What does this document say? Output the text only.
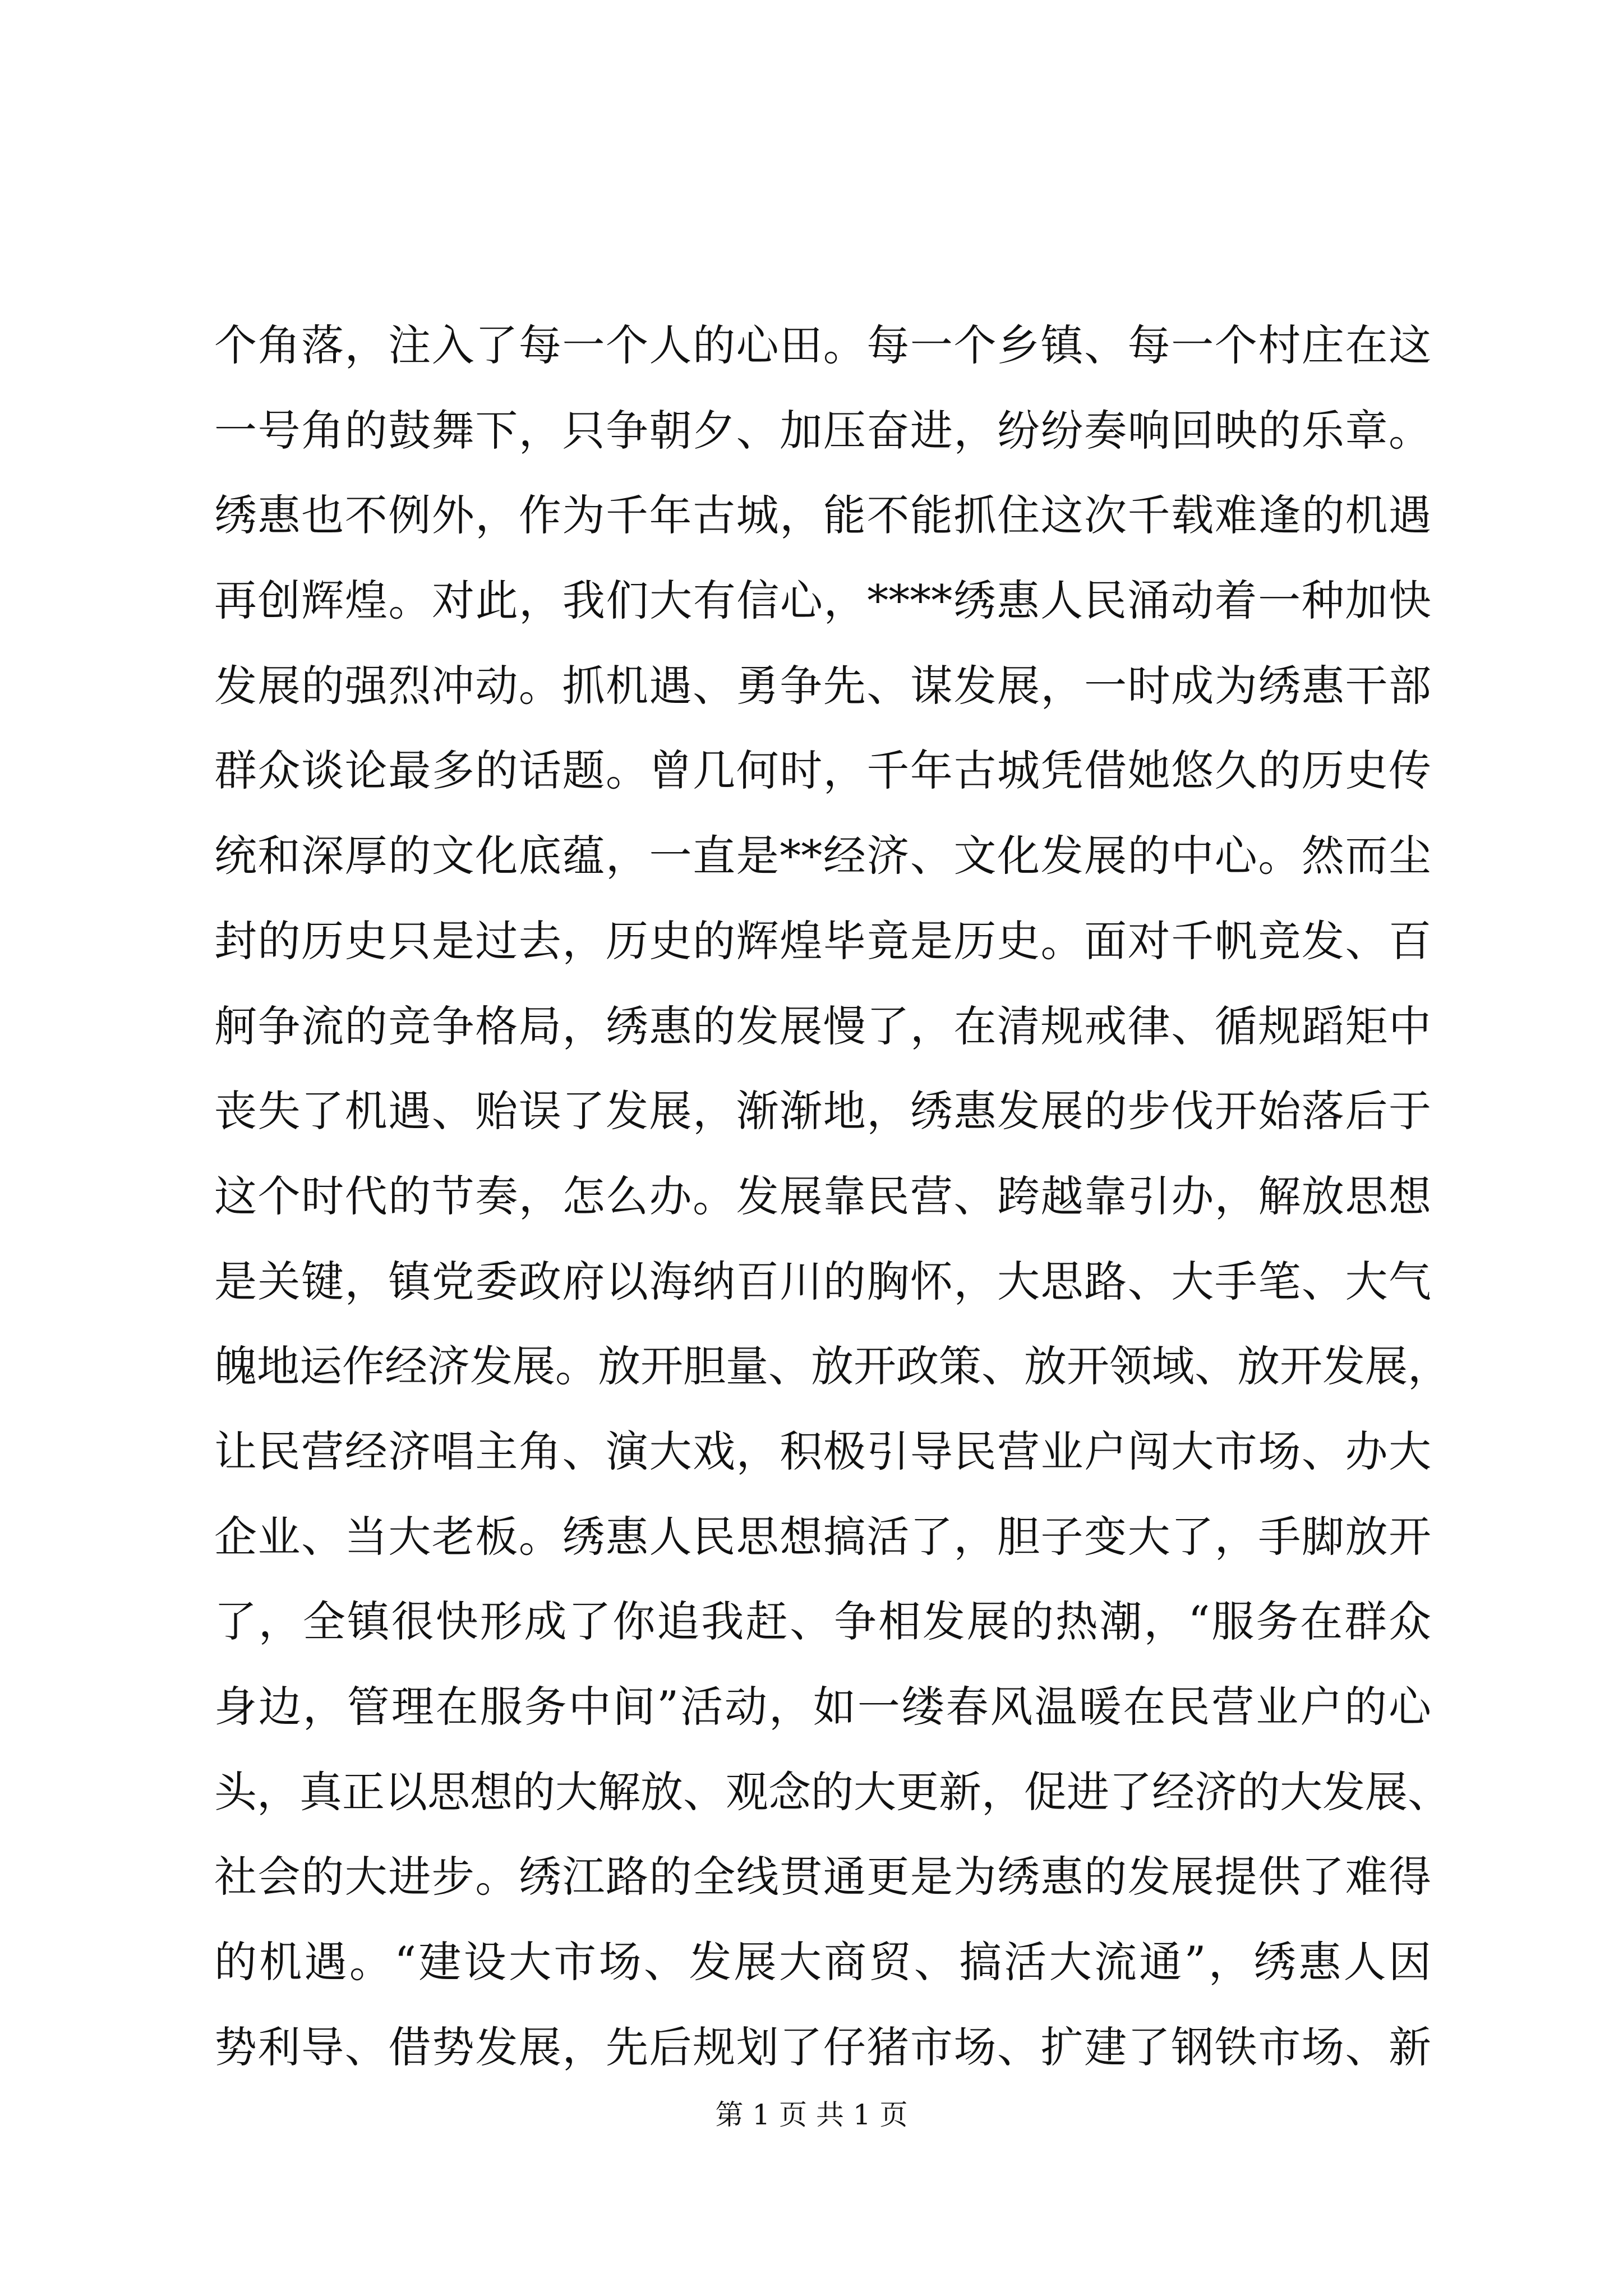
个角落，注入了每一个人的心田。每一个乡镇、每一个村庄在这
一号角的鼓舞下，只争朝夕、加压奋进，纷纷奏响回映的乐章。
绣惠也不例外，作为千年古城，能不能抓住这次千载难逢的机遇
再创辉煌。对此，我们大有信心，****绣惠人民涌动着一种加快
发展的强烈冲动。抓机遇、勇争先、谋发展，一时成为绣惠干部
群众谈论最多的话题。曾几何时，千年古城凭借她悠久的历史传
统和深厚的文化底蕴，一直是**经济、文化发展的中心。然而尘
封的历史只是过去，历史的辉煌毕竟是历史。面对千帆竞发、百
舸争流的竞争格局，绣惠的发展慢了，在清规戒律、循规蹈矩中
丧失了机遇、贻误了发展，渐渐地，绣惠发展的步伐开始落后于
这个时代的节奏，怎么办。发展靠民营、跨越靠引办，解放思想
是关键，镇党委政府以海纳百川的胸怀，大思路、大手笔、大气
魄地运作经济发展。放开胆量、放开政策、放开领域、放开发展，
让民营经济唱主角、演大戏，积极引导民营业户闯大市场、办大
企业、当大老板。绣惠人民思想搞活了，胆子变大了，手脚放开
了，全镇很快形成了你追我赶、争相发展的热潮，“服务在群众
身边，管理在服务中间”活动，如一缕春风温暖在民营业户的心
头，真正以思想的大解放、观念的大更新，促进了经济的大发展、
社会的大进步。绣江路的全线贯通更是为绣惠的发展提供了难得
的机遇。“建设大市场、发展大商贸、搞活大流通”，绣惠人因
势利导、借势发展，先后规划了仔猪市场、扩建了钢铁市场、新
第 1 页 共 1 页
